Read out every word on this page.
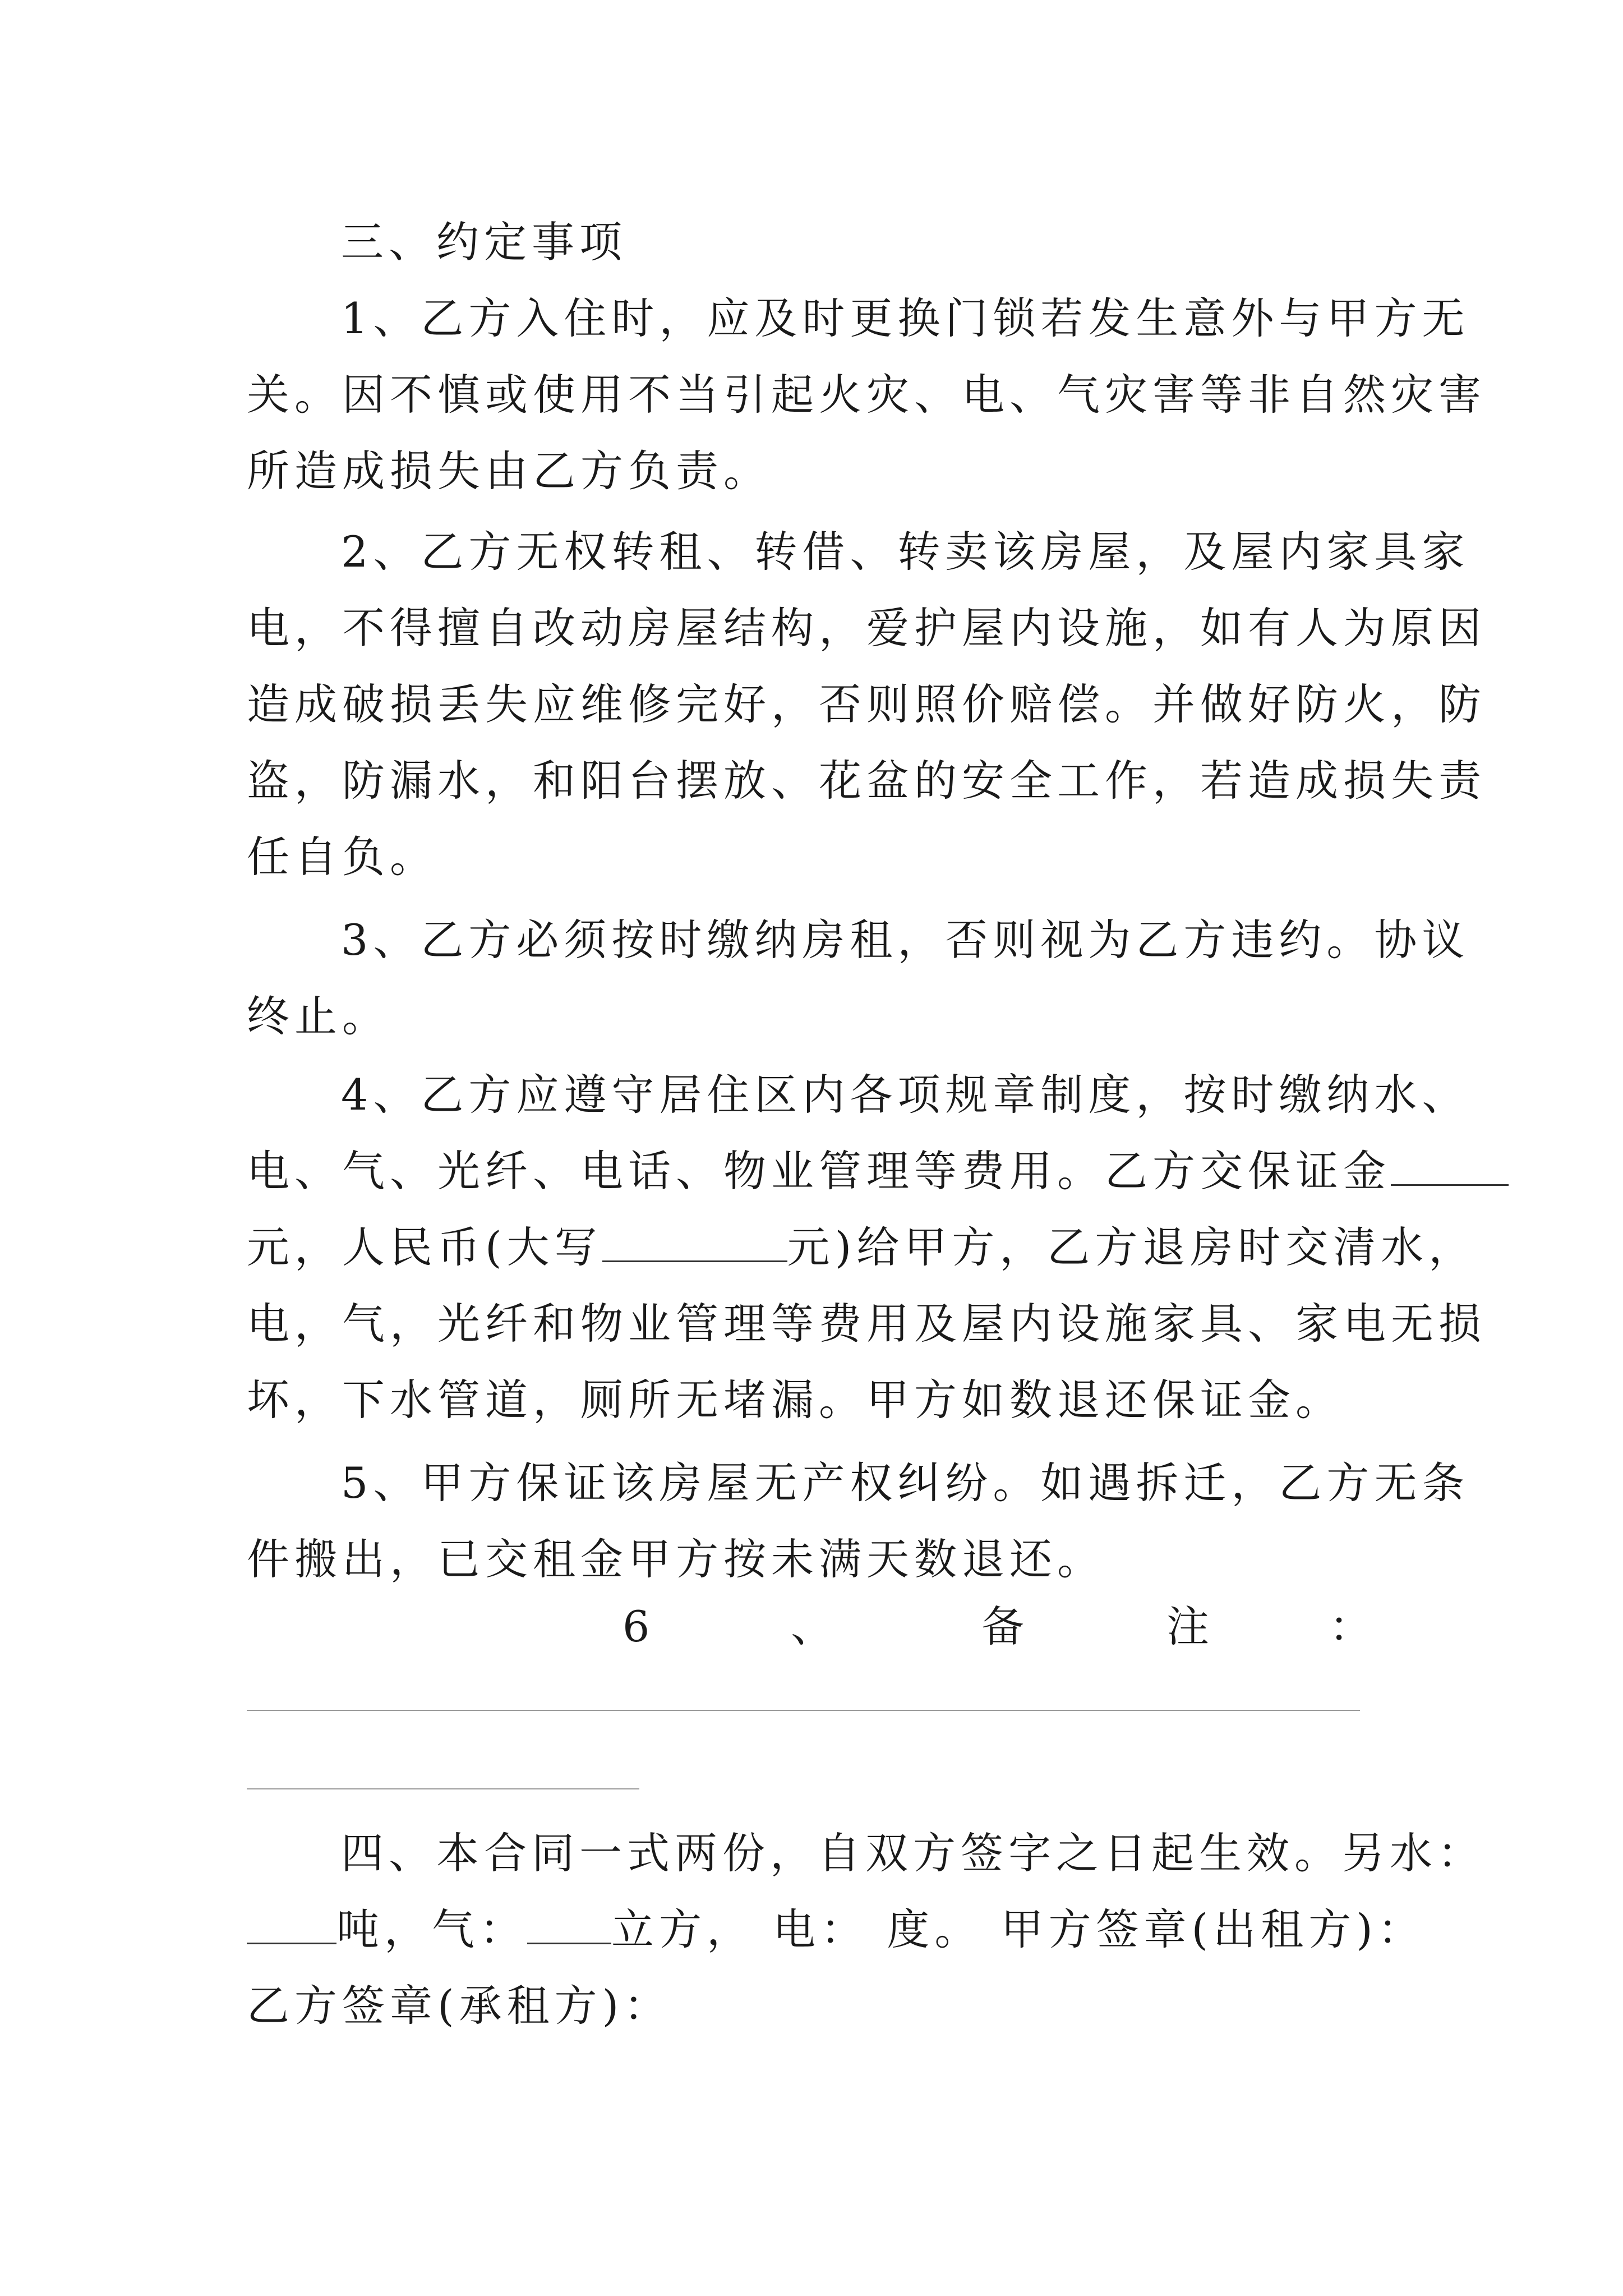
三、约定事项

1、乙方入住时，应及时更换门锁若发生意外与甲方无
关。因不慎或使用不当引起火灾、电、气灾害等非自然灾害
所造成损失由乙方负责。

2、乙方无权转租、转借、转卖该房屋，及屋内家具家
电，不得擅自改动房屋结构，爱护屋内设施，如有人为原因
造成破损丢失应维修完好，否则照价赔偿。并做好防火，防
盗，防漏水，和阳台摆放、花盆的安全工作，若造成损失责
任自负。

3、乙方必须按时缴纳房租，否则视为乙方违约。协议
终止。

4、乙方应遵守居住区内各项规章制度，按时缴纳水、
电、气、光纤、电话、物业管理等费用。乙方交保证金
元，人民币(大写	元)给甲方，乙方退房时交清水，
电，气，光纤和物业管理等费用及屋内设施家具、家电无损
坏，下水管道，厕所无堵漏。甲方如数退还保证金。

5、甲方保证该房屋无产权纠纷。如遇拆迁，乙方无条
件搬出，已交租金甲方按未满天数退还。

6	、	备	注	：

四、本合同一式两份，自双方签字之日起生效。另水：
吨，气： 立方， 电： 度。 甲方签章(出租方)：
乙方签章(承租方)：
